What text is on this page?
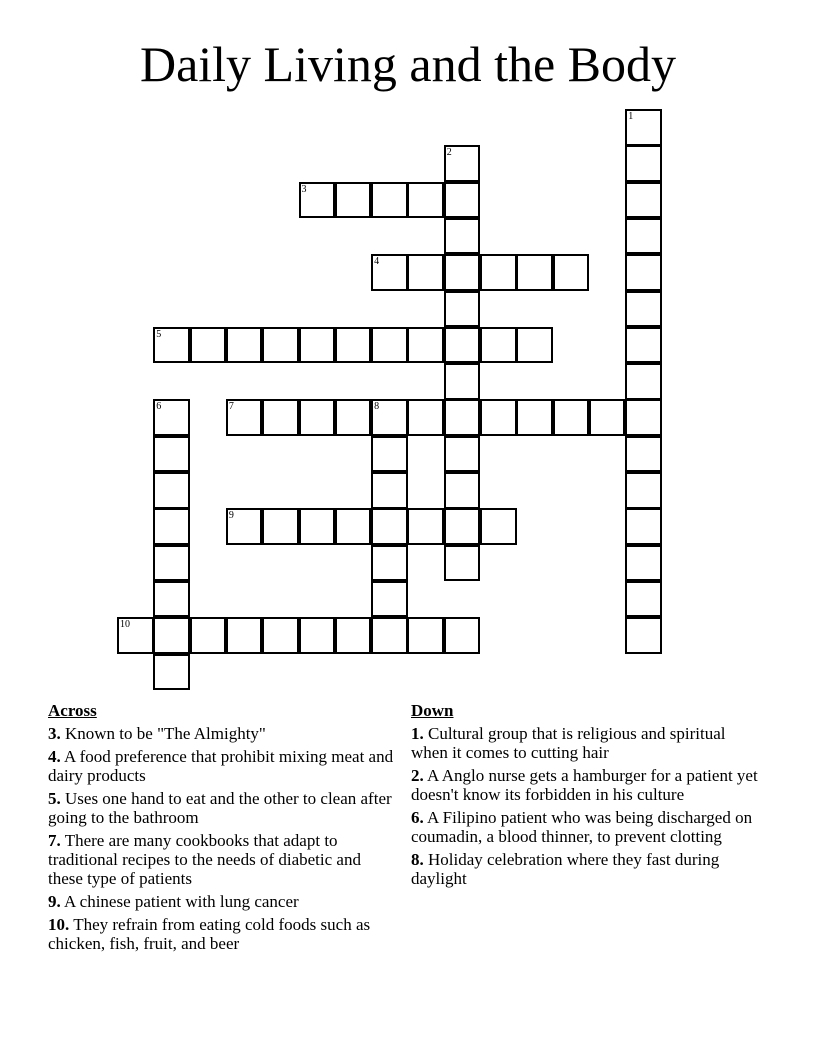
Daily Living and the Body
1
2
3
4
5
6	7	8
9
10
Across
3. Known to be "The Almighty"
4. A food preference that prohibit mixing meat and dairy products
5. Uses one hand to eat and the other to clean after going to the bathroom
7. There are many cookbooks that adapt to traditional recipes to the needs of diabetic and these type of patients
9. A chinese patient with lung cancer
10. They refrain from eating cold foods such as chicken, fish, fruit, and beer
Down
1. Cultural group that is religious and spiritual when it comes to cutting hair
2. A Anglo nurse gets a hamburger for a patient yet doesn't know its forbidden in his culture
6. A Filipino patient who was being discharged on coumadin, a blood thinner, to prevent clotting
8. Holiday celebration where they fast during daylight
